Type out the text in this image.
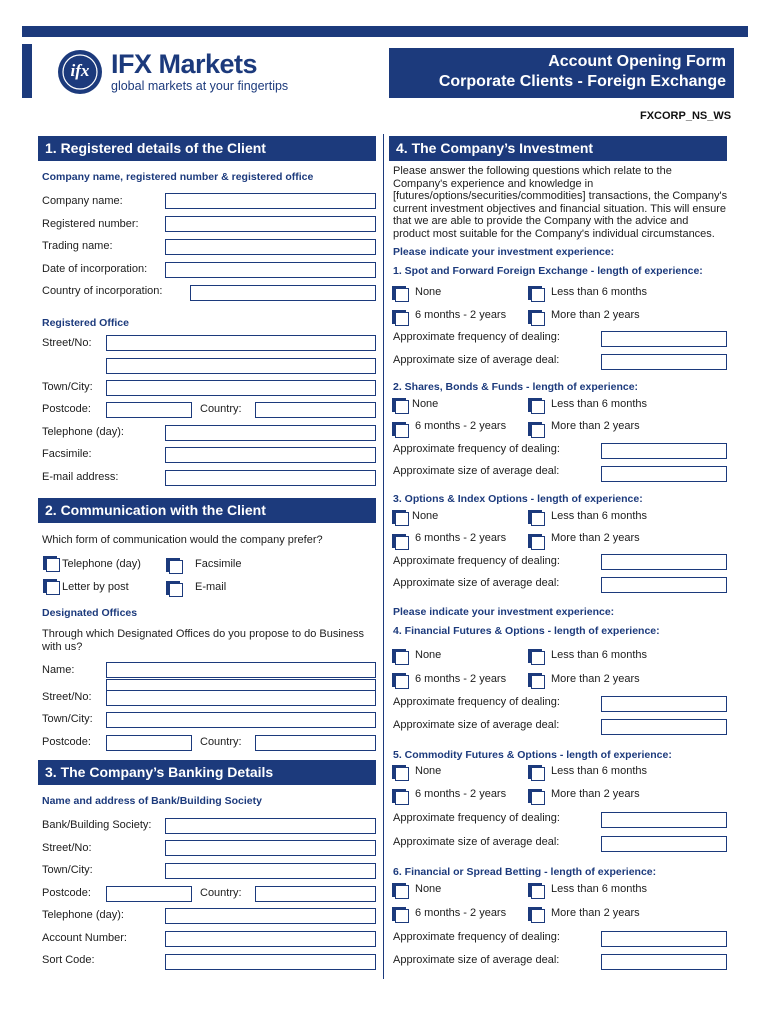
ifx IFX Markets
global markets at your fingertips
Account Opening Form
Corporate Clients - Foreign Exchange
FXCORP_NS_WS
1. Registered details of the Client
Company name, registered number & registered office
Company name:
Registered number:
Trading name:
Date of incorporation:
Country of incorporation:
Registered Office
Street/No:
Town/City:
Postcode:	Country:
Telephone (day):
Facsimile:
E-mail address:
2. Communication with the Client
Which form of communication would the company prefer?
Telephone (day)	Facsimile
Letter by post	E-mail
Designated Offices
Through which Designated Offices do you propose to do Business with us?
Name:
Street/No:
Town/City:
Postcode:	Country:
3. The Company’s Banking Details
Name and address of Bank/Building Society
Bank/Building Society:
Street/No:
Town/City:
Postcode:	Country:
Telephone (day):
Account Number:
Sort Code:
4. The Company’s Investment
Please answer the following questions which relate to the Company's experience and knowledge in [futures/options/securities/commodities] transactions, the Company's current investment objectives and financial situation. This will ensure that we are able to provide the Company with the advice and product most suitable for the Company's individual circumstances.
Please indicate your investment experience:
1. Spot and Forward Foreign Exchange - length of experience:
None	Less than 6 months
6 months - 2 years	More than 2 years
Approximate frequency of dealing:
Approximate size of average deal:
2. Shares, Bonds & Funds - length of experience:
None	Less than 6 months
6 months - 2 years	More than 2 years
Approximate frequency of dealing:
Approximate size of average deal:
3. Options & Index Options - length of experience:
None	Less than 6 months
6 months - 2 years	More than 2 years
Approximate frequency of dealing:
Approximate size of average deal:
Please indicate your investment experience:
4. Financial Futures & Options - length of experience:
None	Less than 6 months
6 months - 2 years	More than 2 years
Approximate frequency of dealing:
Approximate size of average deal:
5. Commodity Futures & Options - length of experience:
None	Less than 6 months
6 months - 2 years	More than 2 years
Approximate frequency of dealing:
Approximate size of average deal:
6. Financial or Spread Betting - length of experience:
None	Less than 6 months
6 months - 2 years	More than 2 years
Approximate frequency of dealing:
Approximate size of average deal:
